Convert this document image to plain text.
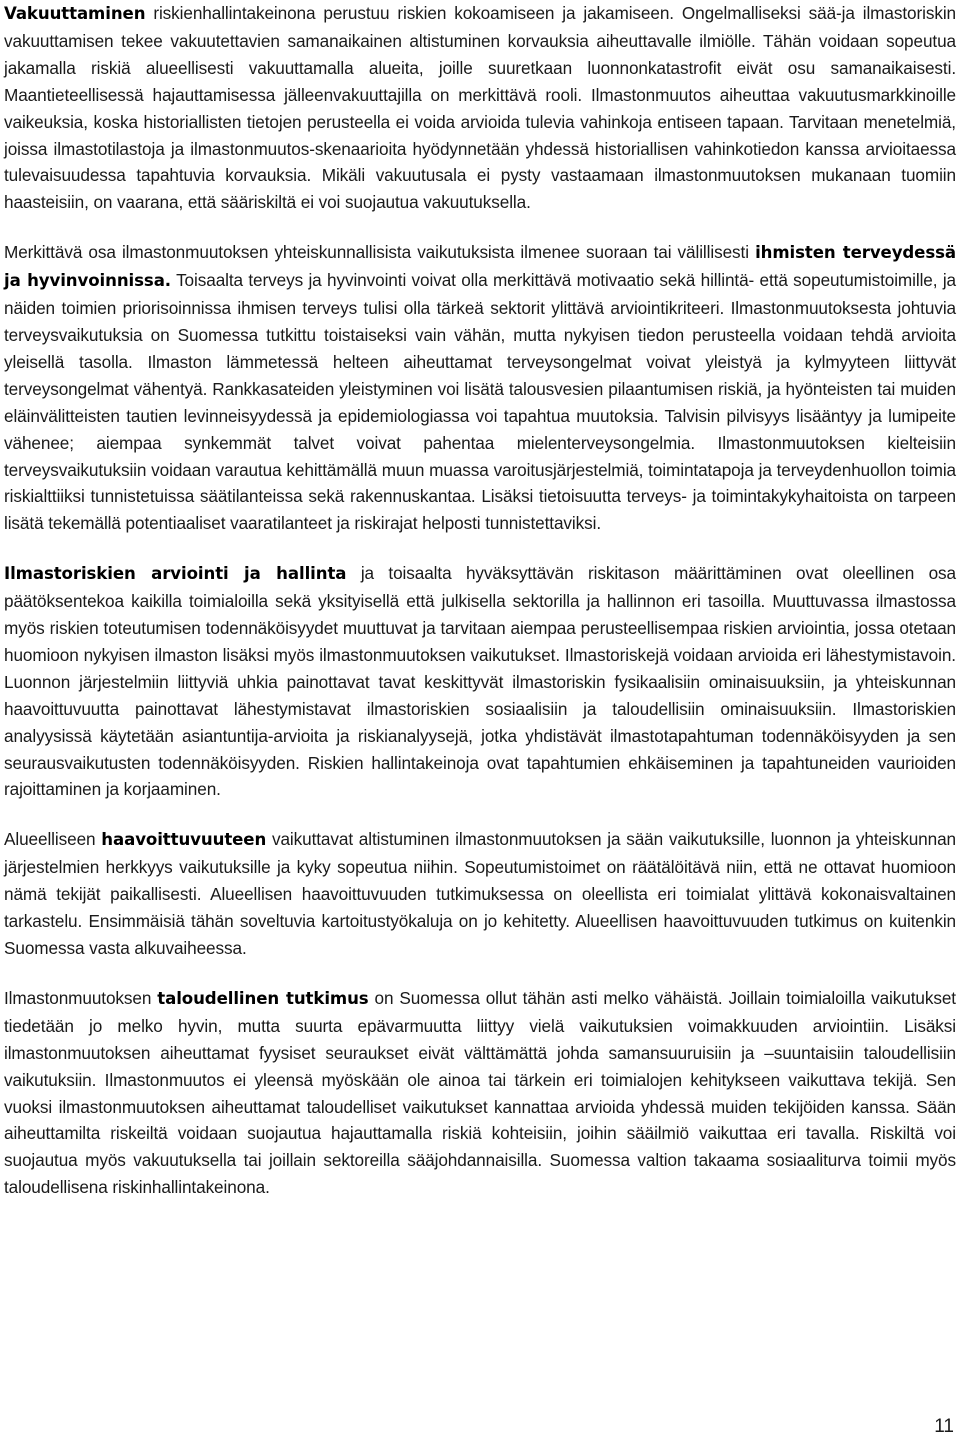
Vakuuttaminen riskienhallintakeinona perustuu riskien kokoamiseen ja jakamiseen. Ongelmalliseksi sää-ja ilmastoriskin vakuuttamisen tekee vakuutettavien samanaikainen altistuminen korvauksia aiheuttavalle ilmiölle. Tähän voidaan sopeutua jakamalla riskiä alueellisesti vakuuttamalla alueita, joille suuretkaan luonnonkatastrofit eivät osu samanaikaisesti. Maantieteellisessä hajauttamisessa jälleenvakuuttajilla on merkittävä rooli. Ilmastonmuutos aiheuttaa vakuutusmarkkinoille vaikeuksia, koska historiallisten tietojen perusteella ei voida arvioida tulevia vahinkoja entiseen tapaan. Tarvitaan menetelmiä, joissa ilmastotilastoja ja ilmastonmuutos-skenaarioita hyödynnetään yhdessä historiallisen vahinkotiedon kanssa arvioitaessa tulevaisuudessa tapahtuvia korvauksia. Mikäli vakuutusala ei pysty vastaamaan ilmastonmuutoksen mukanaan tuomiin haasteisiin, on vaarana, että sääriskiltä ei voi suojautua vakuutuksella.

Merkittävä osa ilmastonmuutoksen yhteiskunnallisista vaikutuksista ilmenee suoraan tai välillisesti ihmisten terveydessä ja hyvinvoinnissa. Toisaalta terveys ja hyvinvointi voivat olla merkittävä motivaatio sekä hillintä- että sopeutumistoimille, ja näiden toimien priorisoinnissa ihmisen terveys tulisi olla tärkeä sektorit ylittävä arviointikriteeri. Ilmastonmuutoksesta johtuvia terveysvaikutuksia on Suomessa tutkittu toistaiseksi vain vähän, mutta nykyisen tiedon perusteella voidaan tehdä arvioita yleisellä tasolla. Ilmaston lämmetessä helteen aiheuttamat terveysongelmat voivat yleistyä ja kylmyyteen liittyvät terveysongelmat vähentyä. Rankkasateiden yleistyminen voi lisätä talousvesien pilaantumisen riskiä, ja hyönteisten tai muiden eläinvälitteisten tautien levinneisyydessä ja epidemiologiassa voi tapahtua muutoksia. Talvisin pilvisyys lisääntyy ja lumipeite vähenee; aiempaa synkemmät talvet voivat pahentaa mielenterveysongelmia. Ilmastonmuutoksen kielteisiin terveysvaikutuksiin voidaan varautua kehittämällä muun muassa varoitusjärjestelmiä, toimintatapoja ja terveydenhuollon toimia riskialttiiksi tunnistetuissa säätilanteissa sekä rakennuskantaa. Lisäksi tietoisuutta terveys- ja toimintakykyhaitoista on tarpeen lisätä tekemällä potentiaaliset vaaratilanteet ja riskirajat helposti tunnistettaviksi.

Ilmastoriskien arviointi ja hallinta ja toisaalta hyväksyttävän riskitason määrittäminen ovat oleellinen osa päätöksentekoa kaikilla toimialoilla sekä yksityisellä että julkisella sektorilla ja hallinnon eri tasoilla. Muuttuvassa ilmastossa myös riskien toteutumisen todennäköisyydet muuttuvat ja tarvitaan aiempaa perusteellisempaa riskien arviointia, jossa otetaan huomioon nykyisen ilmaston lisäksi myös ilmastonmuutoksen vaikutukset. Ilmastoriskejä voidaan arvioida eri lähestymistavoin. Luonnon järjestelmiin liittyviä uhkia painottavat tavat keskittyvät ilmastoriskin fysikaalisiin ominaisuuksiin, ja yhteiskunnan haavoittuvuutta painottavat lähestymistavat ilmastoriskien sosiaalisiin ja taloudellisiin ominaisuuksiin. Ilmastoriskien analyysissä käytetään asiantuntija-arvioita ja riskianalyysejä, jotka yhdistävät ilmastotapahtuman todennäköisyyden ja sen seurausvaikutusten todennäköisyyden. Riskien hallintakeinoja ovat tapahtumien ehkäiseminen ja tapahtuneiden vaurioiden rajoittaminen ja korjaaminen.

Alueelliseen haavoittuvuuteen vaikuttavat altistuminen ilmastonmuutoksen ja sään vaikutuksille, luonnon ja yhteiskunnan järjestelmien herkkyys vaikutuksille ja kyky sopeutua niihin. Sopeutumistoimet on räätälöitävä niin, että ne ottavat huomioon nämä tekijät paikallisesti. Alueellisen haavoittuvuuden tutkimuksessa on oleellista eri toimialat ylittävä kokonaisvaltainen tarkastelu. Ensimmäisiä tähän soveltuvia kartoitustyökaluja on jo kehitetty. Alueellisen haavoittuvuuden tutkimus on kuitenkin Suomessa vasta alkuvaiheessa.

Ilmastonmuutoksen taloudellinen tutkimus on Suomessa ollut tähän asti melko vähäistä. Joillain toimialoilla vaikutukset tiedetään jo melko hyvin, mutta suurta epävarmuutta liittyy vielä vaikutuksien voimakkuuden arviointiin. Lisäksi ilmastonmuutoksen aiheuttamat fyysiset seuraukset eivät välttämättä johda samansuuruisiin ja –suuntaisiin taloudellisiin vaikutuksiin. Ilmastonmuutos ei yleensä myöskään ole ainoa tai tärkein eri toimialojen kehitykseen vaikuttava tekijä. Sen vuoksi ilmastonmuutoksen aiheuttamat taloudelliset vaikutukset kannattaa arvioida yhdessä muiden tekijöiden kanssa. Sään aiheuttamilta riskeiltä voidaan suojautua hajauttamalla riskiä kohteisiin, joihin sääilmiö vaikuttaa eri tavalla. Riskiltä voi suojautua myös vakuutuksella tai joillain sektoreilla sääjohdannaisilla. Suomessa valtion takaama sosiaaliturva toimii myös taloudellisena riskinhallintakeinona.

11
